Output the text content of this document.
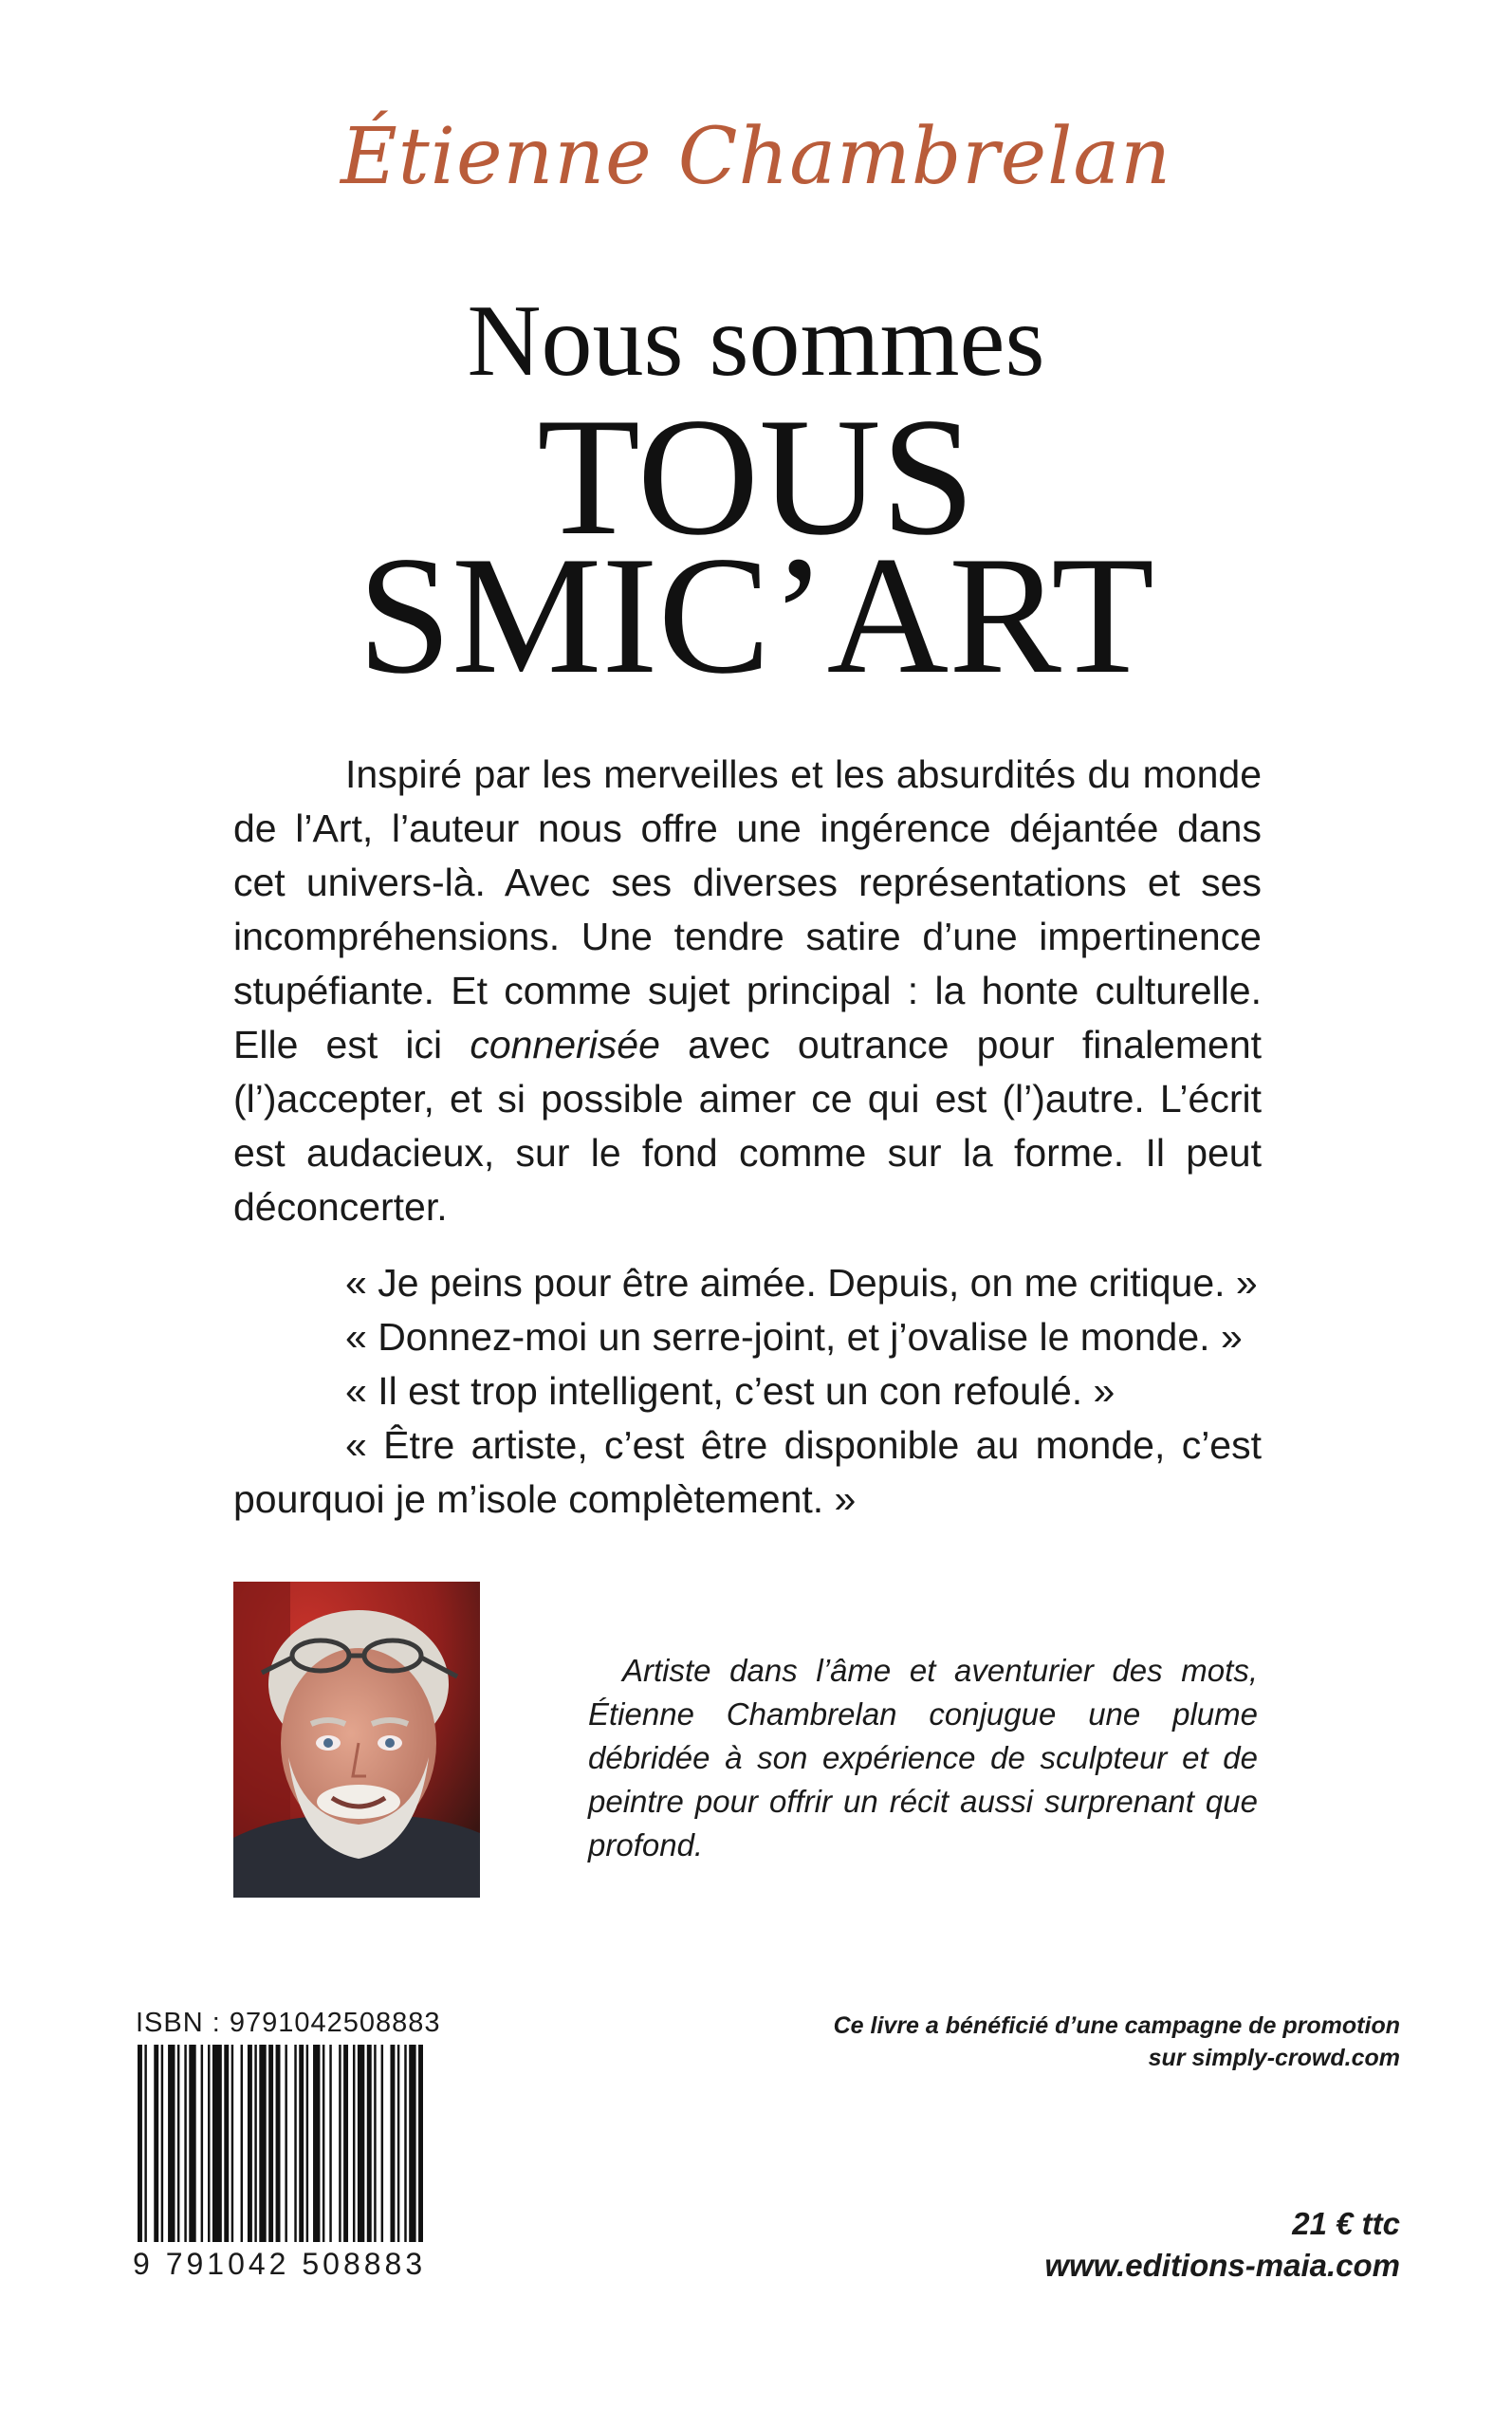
Étienne Chambrelan
Nous sommes
TOUS
SMIC’ART

Inspiré par les merveilles et les absurdités du monde de l’Art, l’auteur nous offre une ingérence déjantée dans cet univers-là. Avec ses diverses représentations et ses incompréhensions. Une tendre satire d’une impertinence stupéfiante. Et comme sujet principal : la honte culturelle. Elle est ici connerisée avec outrance pour finalement (l’)accepter, et si possible aimer ce qui est (l’)autre. L’écrit est audacieux, sur le fond comme sur la forme. Il peut déconcerter.

« Je peins pour être aimée. Depuis, on me critique. »

« Donnez-moi un serre-joint, et j’ovalise le monde. »

« Il est trop intelligent, c’est un con refoulé. »

« Être artiste, c’est être disponible au monde, c’est pourquoi je m’isole complètement. »

Artiste dans l’âme et aventurier des mots, Étienne Chambrelan conjugue une plume débridée à son expérience de sculpteur et de peintre pour offrir un récit aussi surprenant que profond.

ISBN : 9791042508883
9 791042 508883
Ce livre a bénéficié d’une campagne de promotion
sur simply-crowd.com
21 € ttc
www.editions-maia.com
